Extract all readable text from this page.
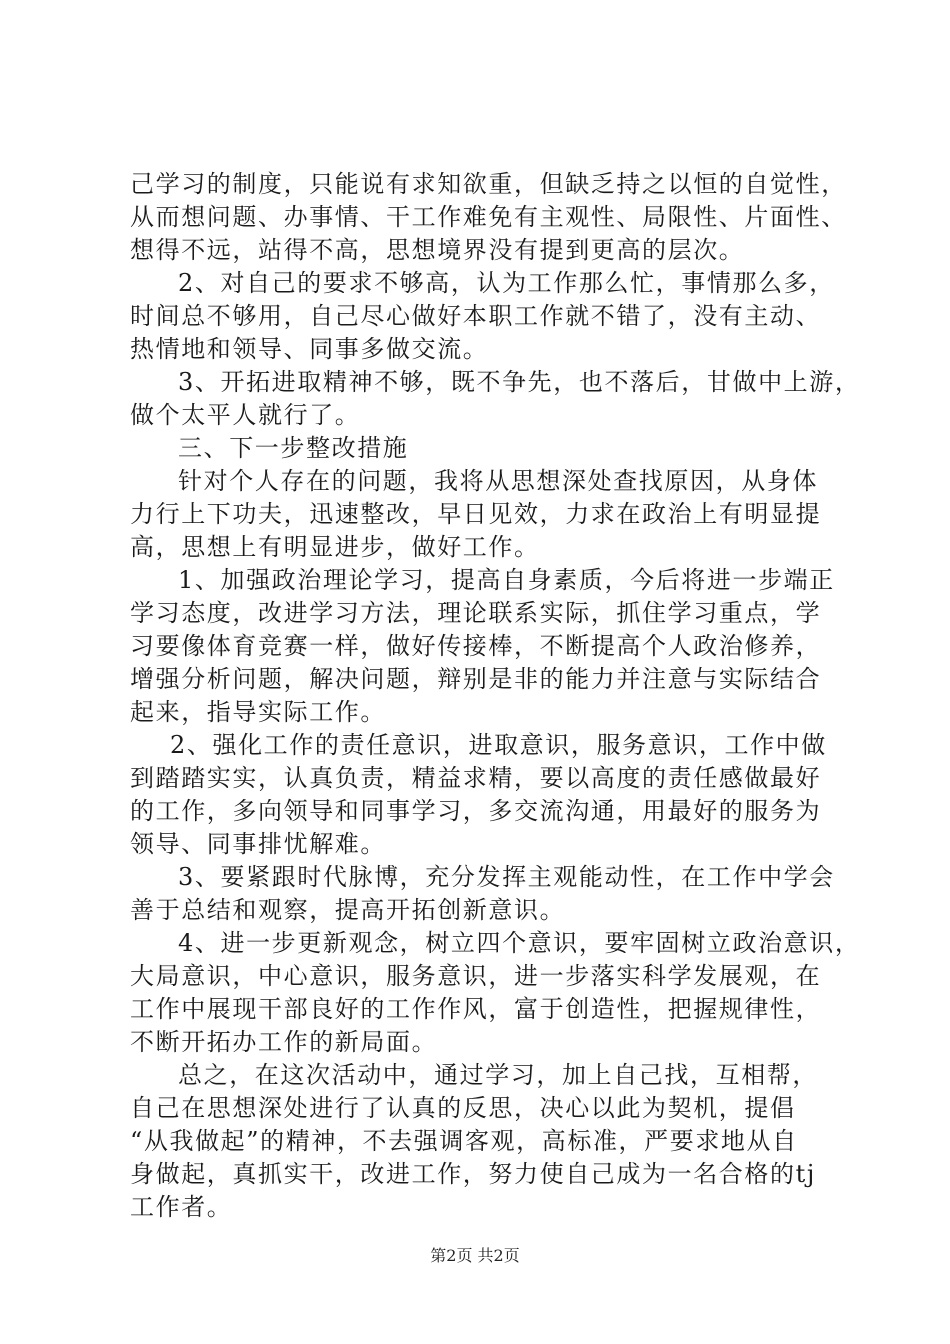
己学习的制度，只能说有求知欲重，但缺乏持之以恒的自觉性，
从而想问题、办事情、干工作难免有主观性、局限性、片面性、
想得不远，站得不高，思想境界没有提到更高的层次。
2、对自己的要求不够高，认为工作那么忙，事情那么多，
时间总不够用，自己尽心做好本职工作就不错了，没有主动、
热情地和领导、同事多做交流。
3、开拓进取精神不够，既不争先，也不落后，甘做中上游，
做个太平人就行了。
三、下一步整改措施
针对个人存在的问题，我将从思想深处查找原因，从身体
力行上下功夫，迅速整改，早日见效，力求在政治上有明显提
高，思想上有明显进步，做好工作。
1、加强政治理论学习，提高自身素质，今后将进一步端正
学习态度，改进学习方法，理论联系实际，抓住学习重点，学
习要像体育竞赛一样，做好传接棒，不断提高个人政治修养，
增强分析问题，解决问题，辩别是非的能力并注意与实际结合
起来，指导实际工作。
2、强化工作的责任意识，进取意识，服务意识，工作中做
到踏踏实实，认真负责，精益求精，要以高度的责任感做最好
的工作，多向领导和同事学习，多交流沟通，用最好的服务为
领导、同事排忧解难。
3、要紧跟时代脉博，充分发挥主观能动性，在工作中学会
善于总结和观察，提高开拓创新意识。
4、进一步更新观念，树立四个意识，要牢固树立政治意识，
大局意识，中心意识，服务意识，进一步落实科学发展观，在
工作中展现干部良好的工作作风，富于创造性，把握规律性，
不断开拓办工作的新局面。
总之，在这次活动中，通过学习，加上自己找，互相帮，
自己在思想深处进行了认真的反思，决心以此为契机，提倡
“从我做起”的精神，不去强调客观，高标准，严要求地从自
身做起，真抓实干，改进工作，努力使自己成为一名合格的tj
工作者。
第2页 共2页
